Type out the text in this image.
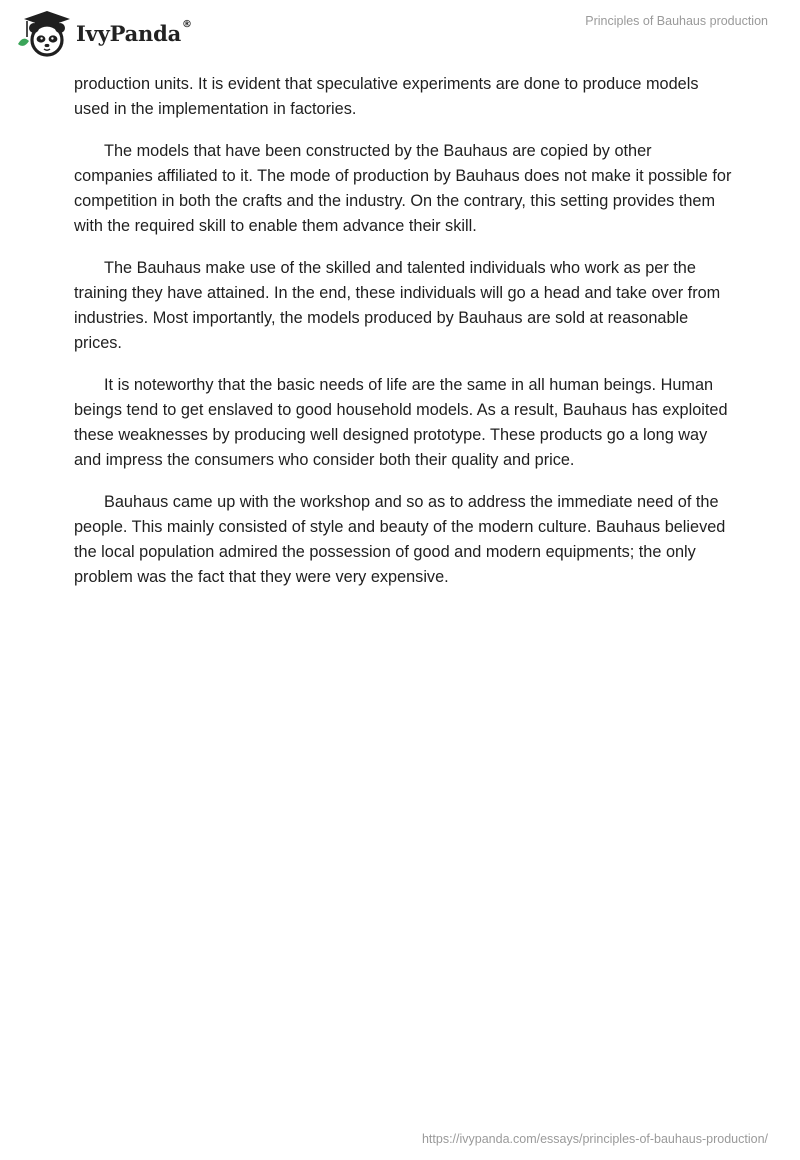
IvyPanda®	Principles of Bauhaus production

production units. It is evident that speculative experiments are done to produce models used in the implementation in factories.

The models that have been constructed by the Bauhaus are copied by other companies affiliated to it. The mode of production by Bauhaus does not make it possible for competition in both the crafts and the industry. On the contrary, this setting provides them with the required skill to enable them advance their skill.

The Bauhaus make use of the skilled and talented individuals who work as per the training they have attained. In the end, these individuals will go a head and take over from industries. Most importantly, the models produced by Bauhaus are sold at reasonable prices.

It is noteworthy that the basic needs of life are the same in all human beings. Human beings tend to get enslaved to good household models. As a result, Bauhaus has exploited these weaknesses by producing well designed prototype. These products go a long way and impress the consumers who consider both their quality and price.

Bauhaus came up with the workshop and so as to address the immediate need of the people. This mainly consisted of style and beauty of the modern culture. Bauhaus believed the local population admired the possession of good and modern equipments; the only problem was the fact that they were very expensive.

https://ivypanda.com/essays/principles-of-bauhaus-production/
